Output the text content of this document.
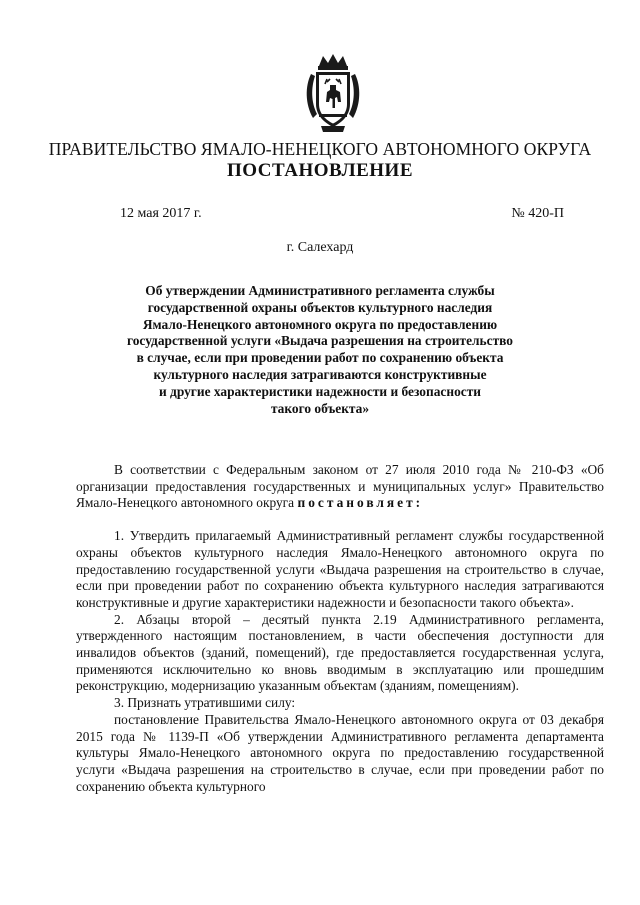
ПРАВИТЕЛЬСТВО ЯМАЛО-НЕНЕЦКОГО АВТОНОМНОГО ОКРУГА
ПОСТАНОВЛЕНИЕ
12 мая 2017 г.	№ 420-П
г. Салехард
Об утверждении Административного регламента службы
государственной охраны объектов культурного наследия
Ямало-Ненецкого автономного округа по предоставлению
государственной услуги «Выдача разрешения на строительство
в случае, если при проведении работ по сохранению объекта
культурного наследия затрагиваются конструктивные
и другие характеристики надежности и безопасности
такого объекта»

В соответствии с Федеральным законом от 27 июля 2010 года № 210-ФЗ «Об организации предоставления государственных и муниципальных услуг» Правительство Ямало-Ненецкого автономного округа постановляет:

1. Утвердить прилагаемый Административный регламент службы государственной охраны объектов культурного наследия Ямало-Ненецкого автономного округа по предоставлению государственной услуги «Выдача разрешения на строительство в случае, если при проведении работ по сохранению объекта культурного наследия затрагиваются конструктивные и другие характеристики надежности и безопасности такого объекта».

2. Абзацы второй – десятый пункта 2.19 Административного регламента, утвержденного настоящим постановлением, в части обеспечения доступности для инвалидов объектов (зданий, помещений), где предоставляется государственная услуга, применяются исключительно ко вновь вводимым в эксплуатацию или прошедшим реконструкцию, модернизацию указанным объектам (зданиям, помещениям).

3. Признать утратившими силу:

постановление Правительства Ямало-Ненецкого автономного округа от 03 декабря 2015 года № 1139-П «Об утверждении Административного регламента департамента культуры Ямало-Ненецкого автономного округа по предоставлению государственной услуги «Выдача разрешения на строительство в случае, если при проведении работ по сохранению объекта культурного
